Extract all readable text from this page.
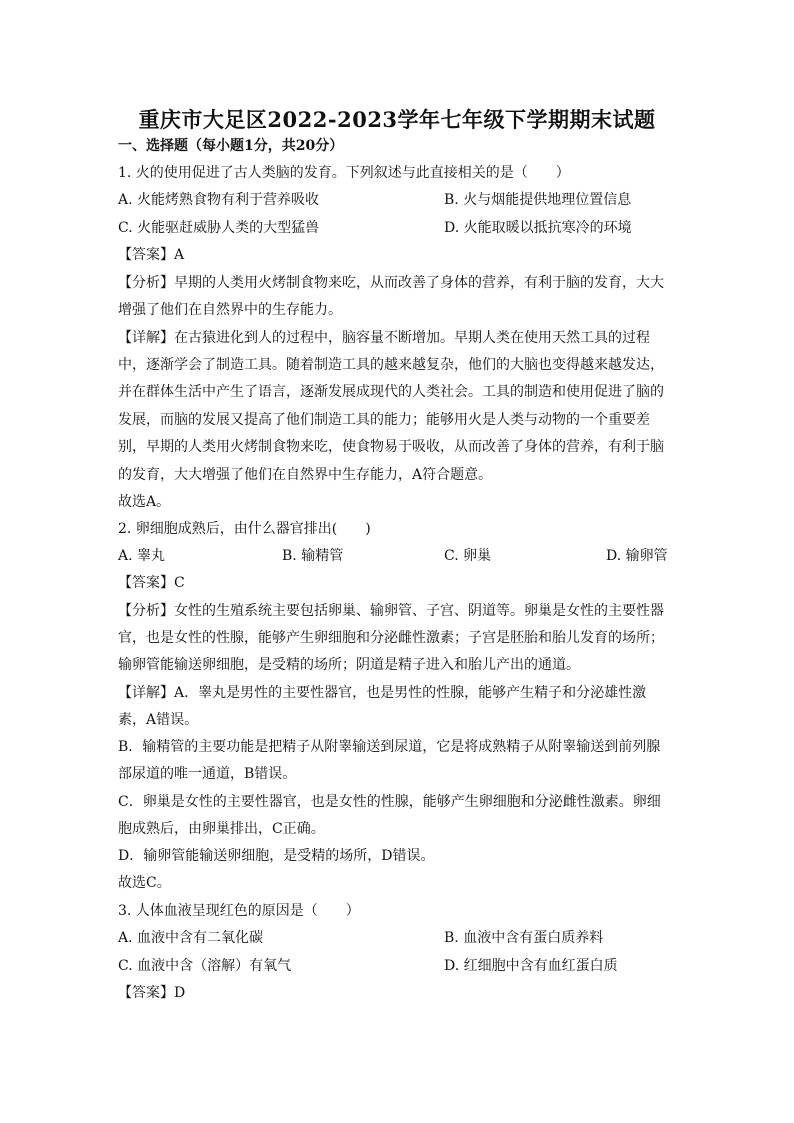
重庆市大足区2022-2023学年七年级下学期期末试题
一、选择题（每小题1分，共20分）
1. 火的使用促进了古人类脑的发育。下列叙述与此直接相关的是（　　）
A. 火能烤熟食物有利于营养吸收	B. 火与烟能提供地理位置信息
C. 火能驱赶威胁人类的大型猛兽	D. 火能取暖以抵抗寒冷的环境
【答案】A
【分析】早期的人类用火烤制食物来吃，从而改善了身体的营养，有利于脑的发育，大大
增强了他们在自然界中的生存能力。
【详解】在古猿进化到人的过程中，脑容量不断增加。早期人类在使用天然工具的过程
中，逐渐学会了制造工具。随着制造工具的越来越复杂，他们的大脑也变得越来越发达，
并在群体生活中产生了语言，逐渐发展成现代的人类社会。工具的制造和使用促进了脑的
发展，而脑的发展又提高了他们制造工具的能力；能够用火是人类与动物的一个重要差
别，早期的人类用火烤制食物来吃，使食物易于吸收，从而改善了身体的营养，有利于脑
的发育，大大增强了他们在自然界中生存能力，A符合题意。
故选A。
2. 卵细胞成熟后，由什么器官排出(　　)
A. 睾丸	B. 输精管	C. 卵巢	D. 输卵管
【答案】C
【分析】女性的生殖系统主要包括卵巢、输卵管、子宫、阴道等。卵巢是女性的主要性器
官，也是女性的性腺，能够产生卵细胞和分泌雌性激素；子宫是胚胎和胎儿发育的场所；
输卵管能输送卵细胞，是受精的场所；阴道是精子进入和胎儿产出的通道。
【详解】A．睾丸是男性的主要性器官，也是男性的性腺，能够产生精子和分泌雄性激
素，A错误。
B．输精管的主要功能是把精子从附睾输送到尿道，它是将成熟精子从附睾输送到前列腺
部尿道的唯一通道，B错误。
C．卵巢是女性的主要性器官，也是女性的性腺，能够产生卵细胞和分泌雌性激素。卵细
胞成熟后，由卵巢排出，C正确。
D．输卵管能输送卵细胞，是受精的场所，D错误。
故选C。
3. 人体血液呈现红色的原因是（　　）
A. 血液中含有二氧化碳	B. 血液中含有蛋白质养料
C. 血液中含（溶解）有氧气	D. 红细胞中含有血红蛋白质
【答案】D
